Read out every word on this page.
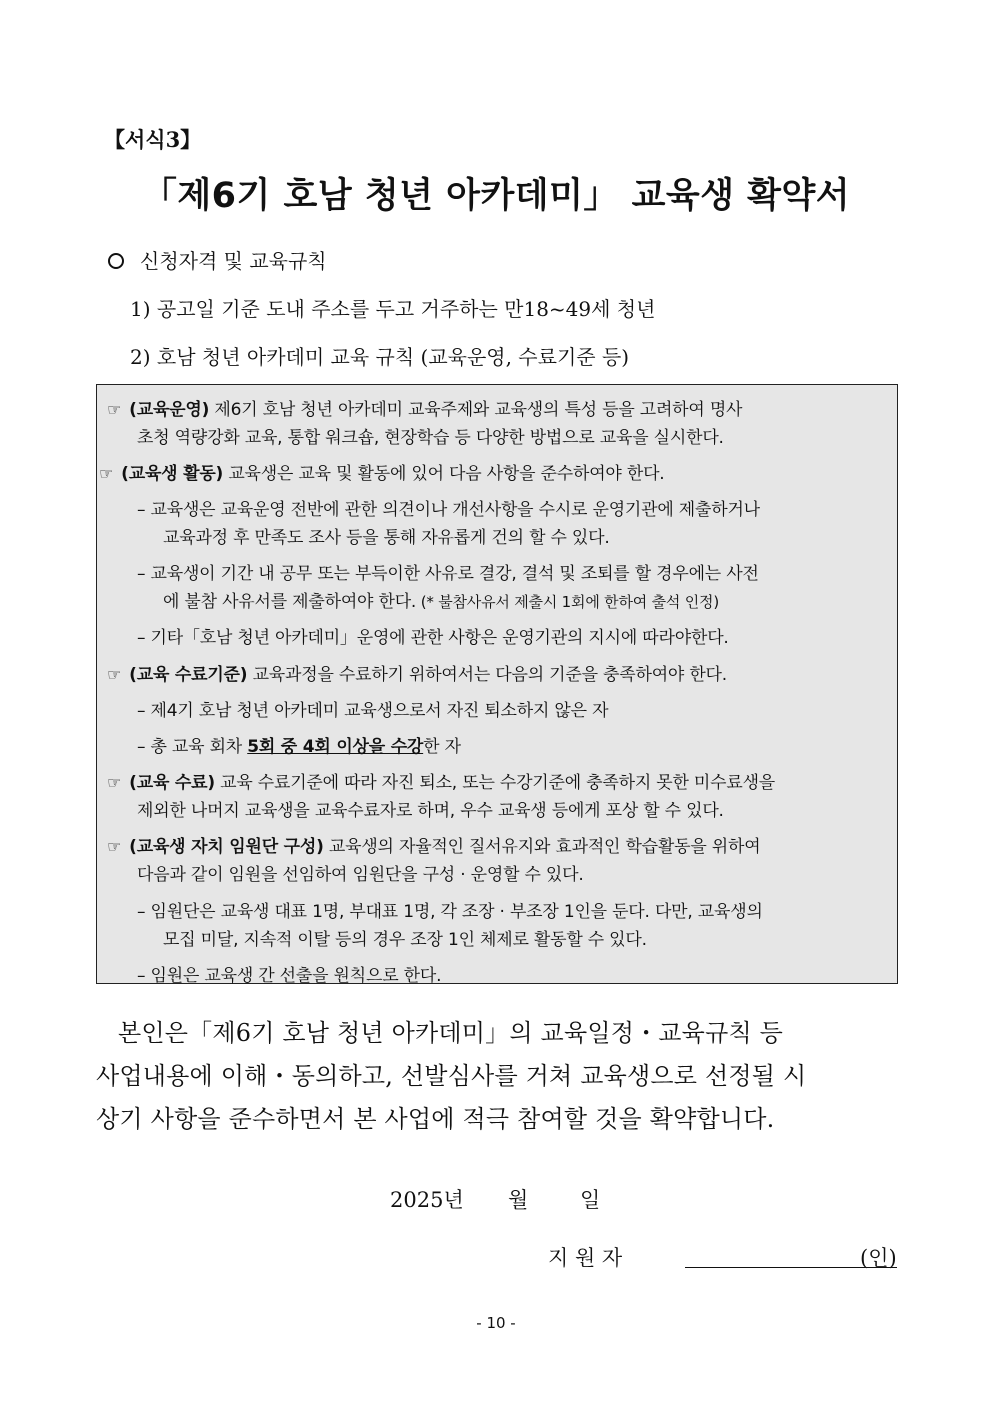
【서식3】
「제6기 호남 청년 아카데미」 교육생 확약서
신청자격 및 교육규칙
1) 공고일 기준 도내 주소를 두고 거주하는 만18~49세 청년
2) 호남 청년 아카데미 교육 규칙 (교육운영, 수료기준 등)
☞ (교육운영) 제6기 호남 청년 아카데미 교육주제와 교육생의 특성 등을 고려하여 명사
초청 역량강화 교육, 통합 워크숍, 현장학습 등 다양한 방법으로 교육을 실시한다.
☞ (교육생 활동) 교육생은 교육 및 활동에 있어 다음 사항을 준수하여야 한다.
– 교육생은 교육운영 전반에 관한 의견이나 개선사항을 수시로 운영기관에 제출하거나
교육과정 후 만족도 조사 등을 통해 자유롭게 건의 할 수 있다.
– 교육생이 기간 내 공무 또는 부득이한 사유로 결강, 결석 및 조퇴를 할 경우에는 사전
에 불참 사유서를 제출하여야 한다. (* 불참사유서 제출시 1회에 한하여 출석 인정)
– 기타「호남 청년 아카데미」운영에 관한 사항은 운영기관의 지시에 따라야한다.
☞ (교육 수료기준) 교육과정을 수료하기 위하여서는 다음의 기준을 충족하여야 한다.
– 제4기 호남 청년 아카데미 교육생으로서 자진 퇴소하지 않은 자
– 총 교육 회차 5회 중 4회 이상을 수강한 자
☞ (교육 수료) 교육 수료기준에 따라 자진 퇴소, 또는 수강기준에 충족하지 못한 미수료생을
제외한 나머지 교육생을 교육수료자로 하며, 우수 교육생 등에게 포상 할 수 있다.
☞ (교육생 자치 임원단 구성) 교육생의 자율적인 질서유지와 효과적인 학습활동을 위하여
다음과 같이 임원을 선임하여 임원단을 구성 · 운영할 수 있다.
– 임원단은 교육생 대표 1명, 부대표 1명, 각 조장 · 부조장 1인을 둔다. 다만, 교육생의
모집 미달, 지속적 이탈 등의 경우 조장 1인 체제로 활동할 수 있다.
– 임원은 교육생 간 선출을 원칙으로 한다.
본인은「제6기 호남 청년 아카데미」의 교육일정・교육규칙 등
사업내용에 이해・동의하고, 선발심사를 거쳐 교육생으로 선정될 시
상기 사항을 준수하면서 본 사업에 적극 참여할 것을 확약합니다.
2025년 월 일
지 원 자	(인)
- 10 -
